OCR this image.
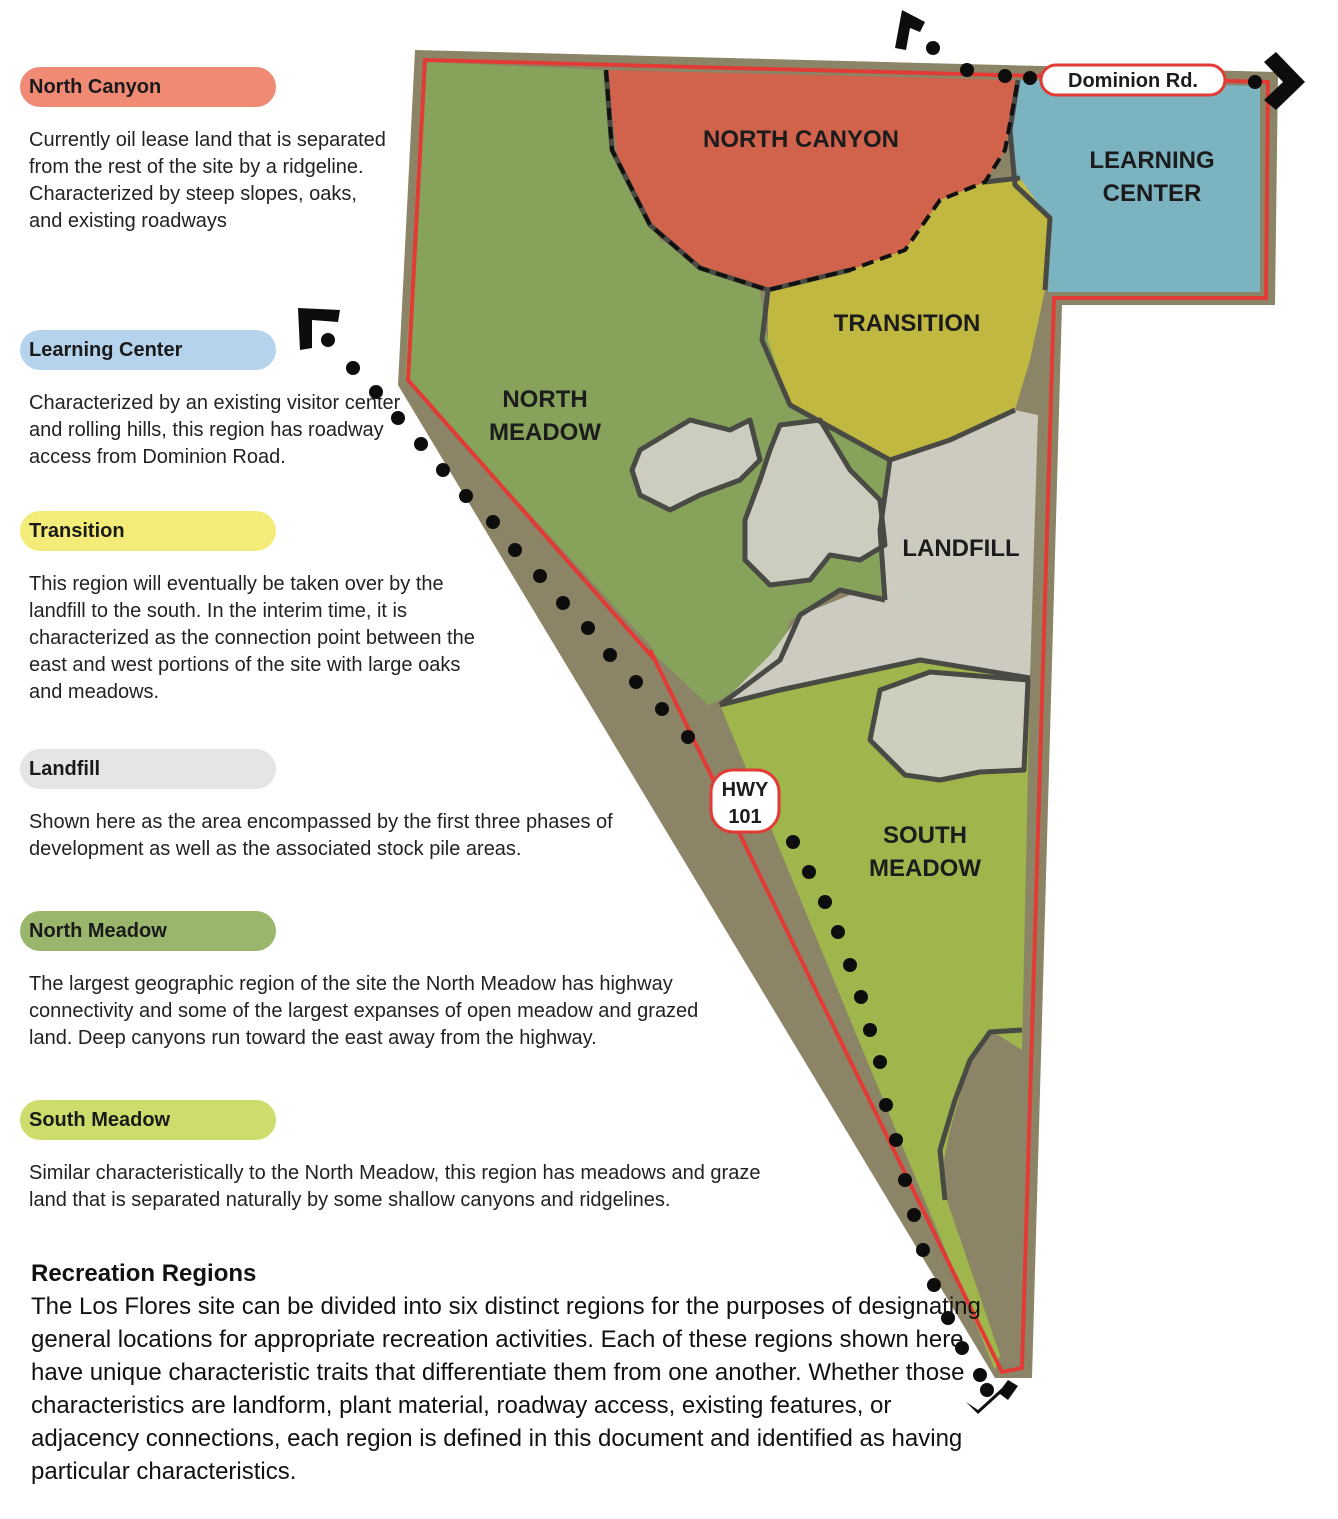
NORTH CANYON
LEARNING
CENTER
TRANSITION
NORTH
MEADOW
LANDFILL
SOUTH
MEADOW
Dominion Rd.
HWY
101
North Canyon

Currently oil lease land that is separated from the rest of the site by a ridgeline. Characterized by steep slopes, oaks, and existing roadways

Learning Center

Characterized by an existing visitor center and rolling hills, this region has roadway access from Dominion Road.

Transition

This region will eventually be taken over by the landfill to the south. In the interim time, it is characterized as the connection point between the east and west portions of the site with large oaks and meadows.

Landfill

Shown here as the area encompassed by the first three phases of development as well as the associated stock pile areas.

North Meadow

The largest geographic region of the site the North Meadow has highway connectivity and some of the largest expanses of open meadow and grazed land. Deep canyons run toward the east away from the highway.

South Meadow

Similar characteristically to the North Meadow, this region has meadows and graze land that is separated naturally by some shallow canyons and ridgelines.

Recreation Regions

The Los Flores site can be divided into six distinct regions for the purposes of designating general locations for appropriate recreation activities. Each of these regions shown here have unique characteristic traits that differentiate them from one another. Whether those characteristics are landform, plant material, roadway access, existing features, or adjacency connections, each region is defined in this document and identified as having particular characteristics.
